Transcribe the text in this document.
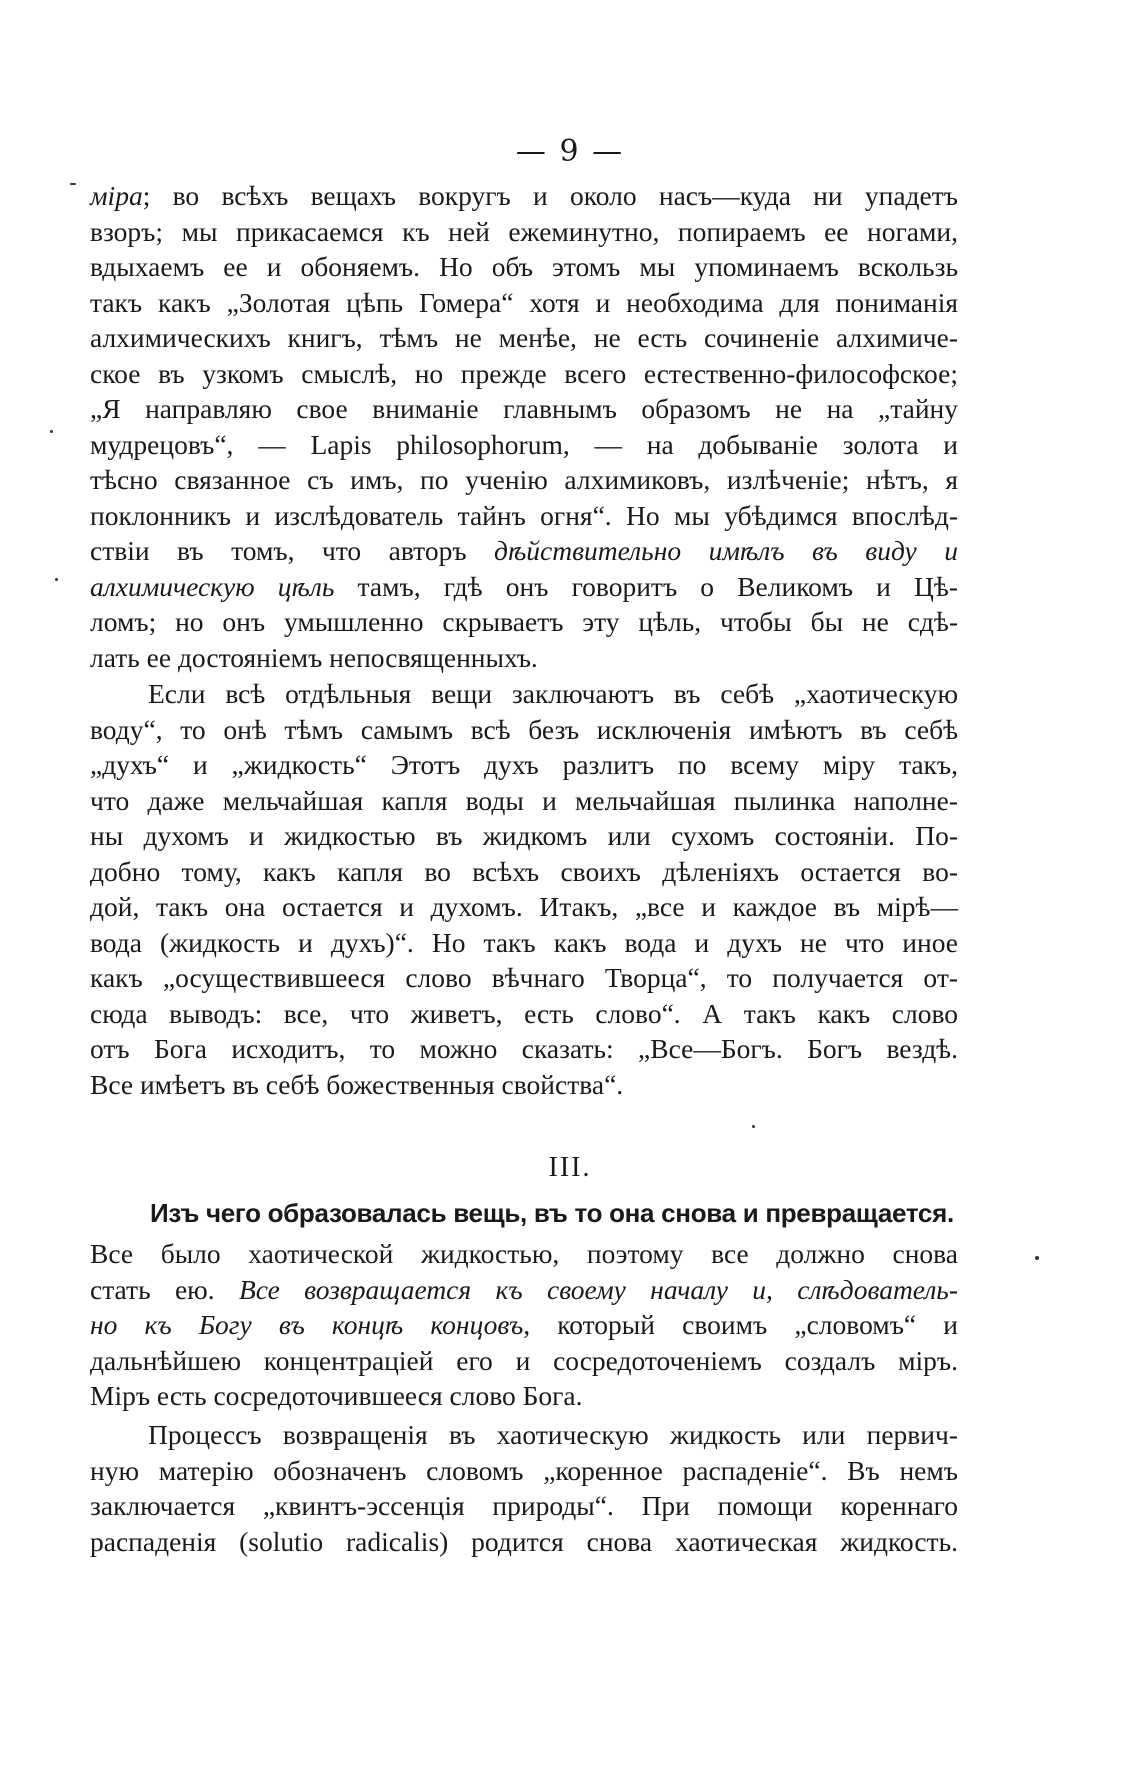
— 9 —

міра; во всѣхъ вещахъ вокругъ и около насъ—куда ни упадетъ
взоръ; мы прикасаемся къ ней ежеминутно, попираемъ ее ногами,
вдыхаемъ ее и обоняемъ. Но объ этомъ мы упоминаемъ вскользь
такъ какъ „Золотая цѣпь Гомера“ хотя и необходима для пониманія
алхимическихъ книгъ, тѣмъ не менѣе, не есть сочиненіе алхимиче-
ское въ узкомъ смыслѣ, но прежде всего естественно-философское;
„Я направляю свое вниманіе главнымъ образомъ не на „тайну
мудрецовъ“, — Lapis philosophorum, — на добываніе золота и
тѣсно связанное съ имъ, по ученію алхимиковъ, излѣченіе; нѣтъ, я
поклонникъ и изслѣдователь тайнъ огня“. Но мы убѣдимся впослѣд-
ствіи въ томъ, что авторъ дѣйствительно имѣлъ въ виду и
алхимическую цѣль тамъ, гдѣ онъ говоритъ о Великомъ и Цѣ-
ломъ; но онъ умышленно скрываетъ эту цѣль, чтобы бы не сдѣ-
лать ее достояніемъ непосвященныхъ.

Если всѣ отдѣльныя вещи заключаютъ въ себѣ „хаотическую
воду“, то онѣ тѣмъ самымъ всѣ безъ исключенія имѣютъ въ себѣ
„духъ“ и „жидкость“ Этотъ духъ разлитъ по всему міру такъ,
что даже мельчайшая капля воды и мельчайшая пылинка наполне-
ны духомъ и жидкостью въ жидкомъ или сухомъ состояніи. По-
добно тому, какъ капля во всѣхъ своихъ дѣленіяхъ остается во-
дой, такъ она остается и духомъ. Итакъ, „все и каждое въ мірѣ—
вода (жидкость и духъ)“. Но такъ какъ вода и духъ не что иное
какъ „осуществившееся слово вѣчнаго Творца“, то получается от-
сюда выводъ: все, что живетъ, есть слово“. А такъ какъ слово
отъ Бога исходитъ, то можно сказать: „Все—Богъ. Богъ вездѣ.
Все имѣетъ въ себѣ божественныя свойства“.

III.
Изъ чего образовалась вещь, въ то она снова и превращается.

Все было хаотической жидкостью, поэтому все должно снова
стать ею. Все возвращается къ своему началу и, слѣдователь-
но къ Богу въ концѣ концовъ, который своимъ „словомъ“ и
дальнѣйшею концентраціей его и сосредоточеніемъ создалъ міръ.
Міръ есть сосредоточившееся слово Бога.

Процессъ возвращенія въ хаотическую жидкость или первич-
ную матерію обозначенъ словомъ „коренное распаденіе“. Въ немъ
заключается „квинтъ-эссенція природы“. При помощи кореннаго
распаденія (solutio radicalis) родится снова хаотическая жидкость.
